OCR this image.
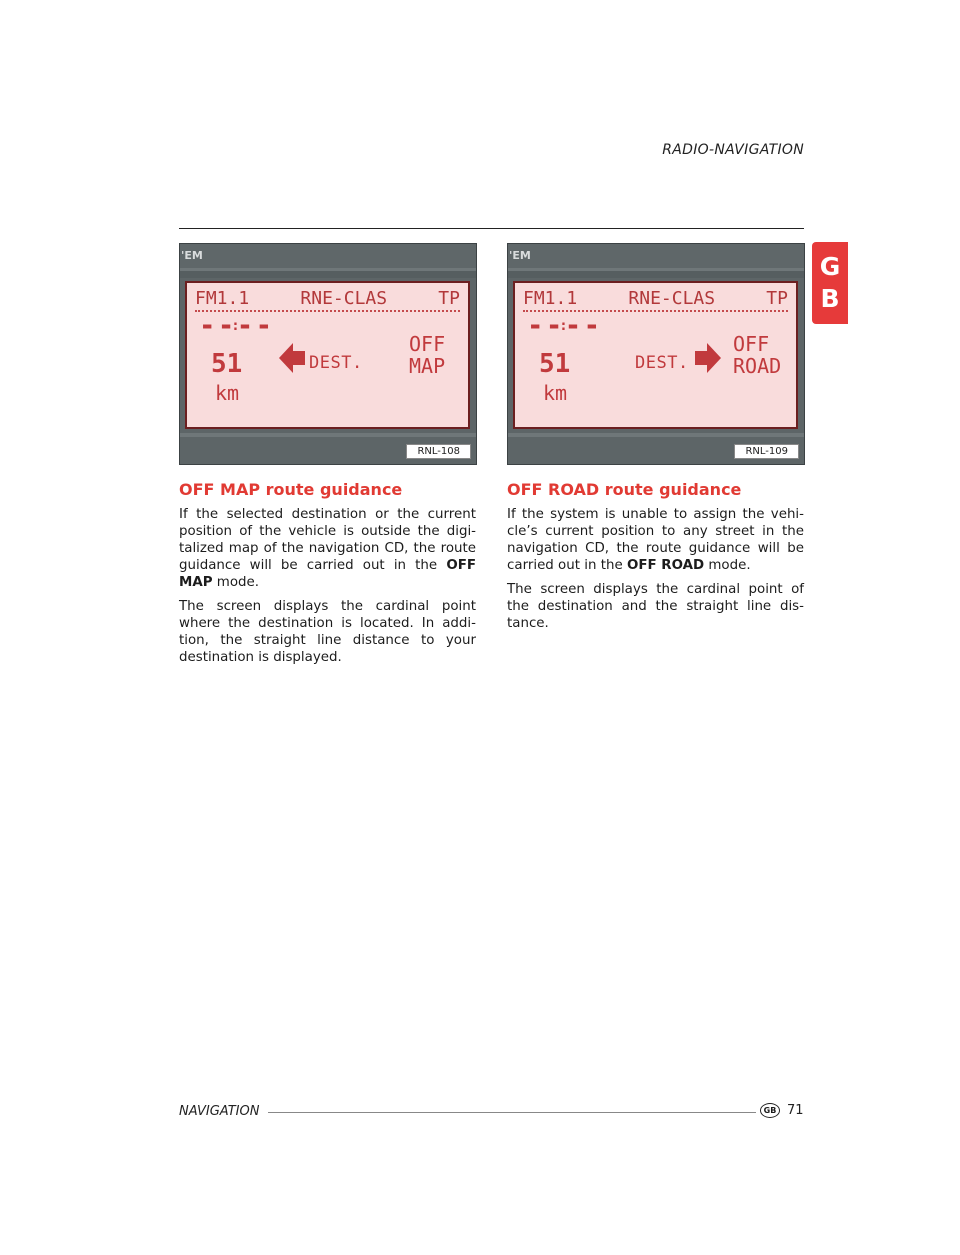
RADIO-NAVIGATION
G
B
'EM
FM1.1	RNE-CLAS	TP
▬ ▬:▬ ▬
51
km
DEST.
OFF
MAP
RNL-108
'EM
FM1.1	RNE-CLAS	TP
▬ ▬:▬ ▬
51
km
DEST.
OFF
ROAD
RNL-109
OFF MAP route guidance

If the selected destination or the current position of the vehicle is outside the digi-talized map of the navigation CD, the route guidance will be carried out in the OFF MAP mode.

The screen displays the cardinal point where the destination is located. In addi-tion, the straight line distance to your destination is displayed.

OFF ROAD route guidance

If the system is unable to assign the vehi-cle’s current position to any street in the navigation CD, the route guidance will be carried out in the OFF ROAD mode.

The screen displays the cardinal point of the destination and the straight line dis-tance.

NAVIGATION	GB 71
